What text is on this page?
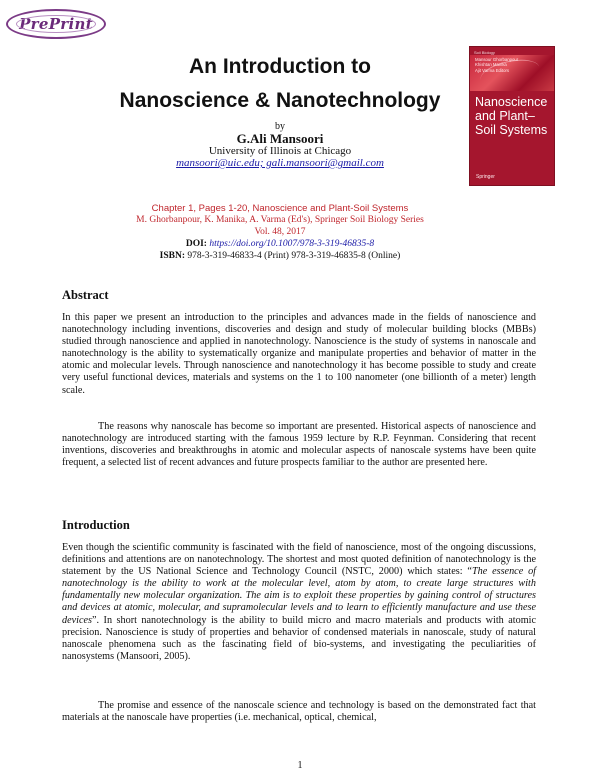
PrePrint
An Introduction to
Nanoscience & Nanotechnology
by
G.Ali Mansoori
University of Illinois at Chicago
mansoori@uic.edu; gali.mansoori@gmail.com
Soil Biology
Mansour Ghorbanpour
Khishtan Manika
Ajit Varma Editors
Nanoscience and Plant– Soil Systems
Springer
Chapter 1, Pages 1-20, Nanoscience and Plant-Soil Systems
M. Ghorbanpour, K. Manika, A. Varma (Ed's), Springer Soil Biology Series
Vol. 48, 2017
DOI: https://doi.org/10.1007/978-3-319-46835-8
ISBN: 978-3-319-46833-4 (Print) 978-3-319-46835-8 (Online)
Abstract
In this paper we present an introduction to the principles and advances made in the fields of nanoscience and nanotechnology including inventions, discoveries and design and study of molecular building blocks (MBBs) studied through nanoscience and applied in nanotechnology. Nanoscience is the study of systems in nanoscale and nanotechnology is the ability to systematically organize and manipulate properties and behavior of matter in the atomic and molecular levels. Through nanoscience and nanotechnology it has become possible to study and create very useful functional devices, materials and systems on the 1 to 100 nanometer (one billionth of a meter) length scale.
The reasons why nanoscale has become so important are presented. Historical aspects of nanoscience and nanotechnology are introduced starting with the famous 1959 lecture by R.P. Feynman. Considering that recent inventions, discoveries and breakthroughs in atomic and molecular aspects of nanoscale systems have been quite frequent, a selected list of recent advances and future prospects familiar to the author are presented here.
Introduction
Even though the scientific community is fascinated with the field of nanoscience, most of the ongoing discussions, definitions and attentions are on nanotechnology. The shortest and most quoted definition of nanotechnology is the statement by the US National Science and Technology Council (NSTC, 2000) which states: “The essence of nanotechnology is the ability to work at the molecular level, atom by atom, to create large structures with fundamentally new molecular organization. The aim is to exploit these properties by gaining control of structures and devices at atomic, molecular, and supramolecular levels and to learn to efficiently manufacture and use these devices”. In short nanotechnology is the ability to build micro and macro materials and products with atomic precision. Nanoscience is study of properties and behavior of condensed materials in nanoscale, study of natural nanoscale phenomena such as the fascinating field of bio-systems, and investigating the peculiarities of nanosystems (Mansoori, 2005).
The promise and essence of the nanoscale science and technology is based on the demonstrated fact that materials at the nanoscale have properties (i.e. mechanical, optical, chemical,
1
